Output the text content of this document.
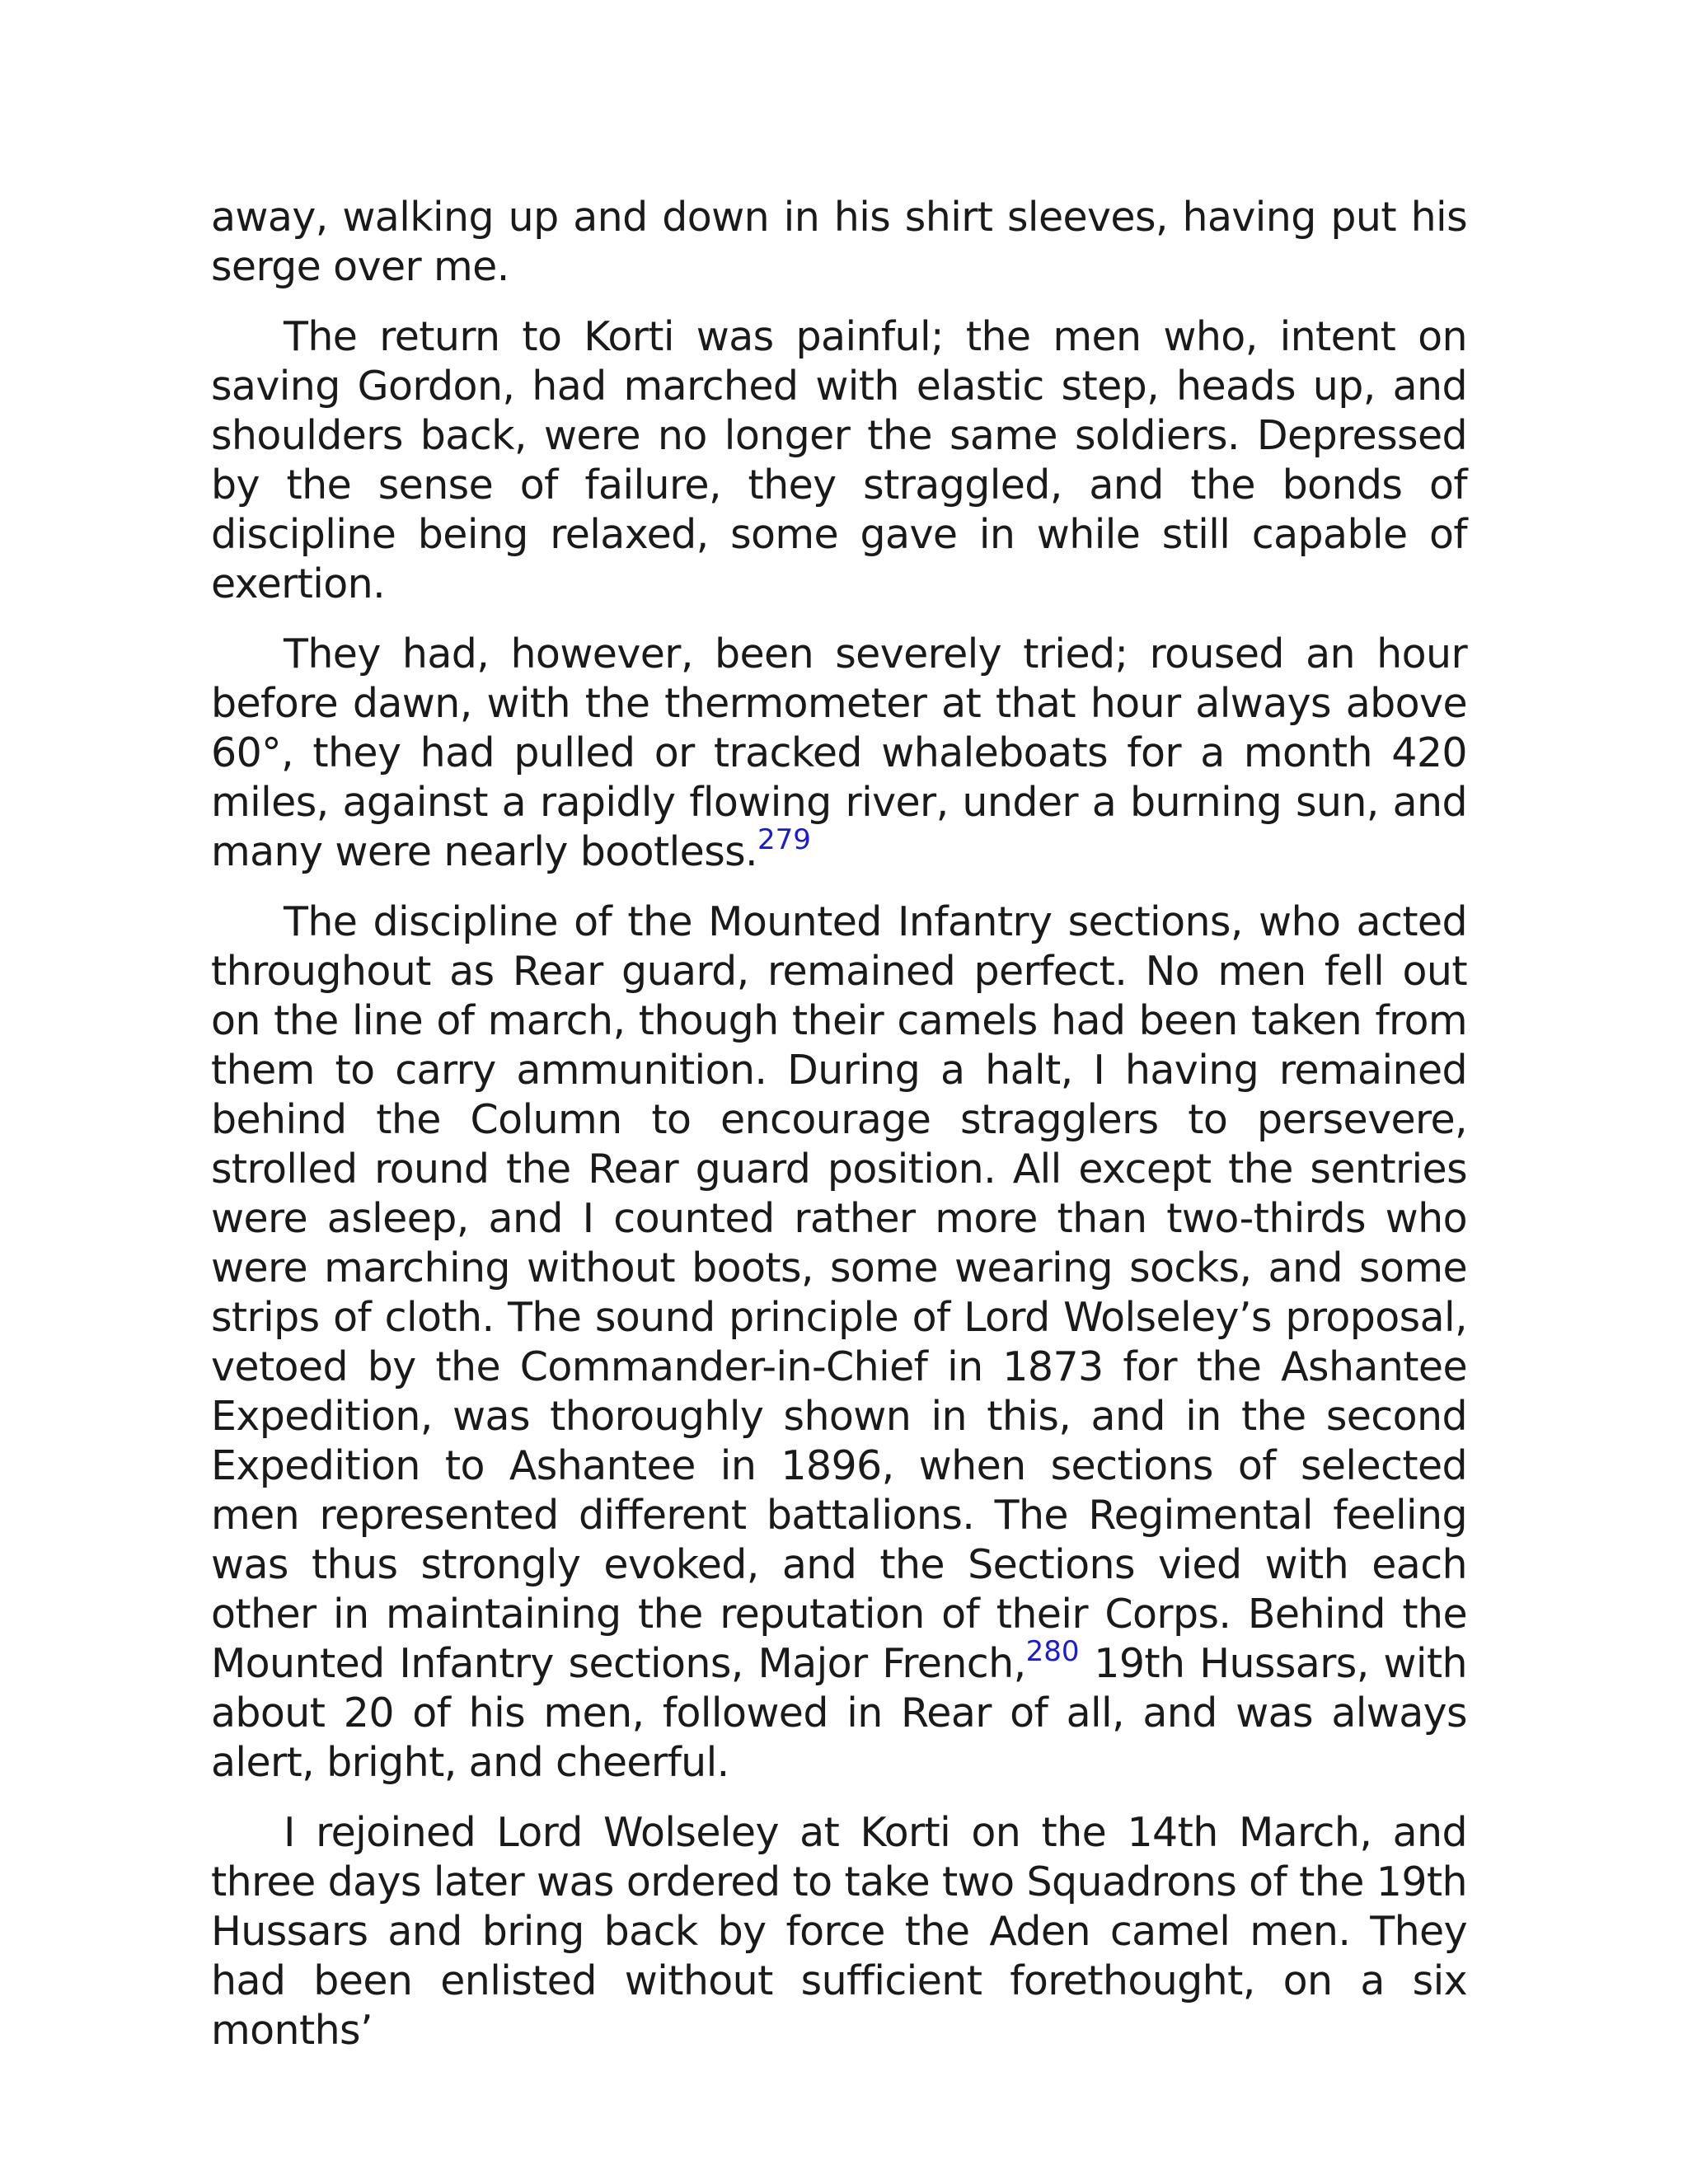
away, walking up and down in his shirt sleeves, having put his serge over me.

The return to Korti was painful; the men who, intent on saving Gordon, had marched with elastic step, heads up, and shoulders back, were no longer the same soldiers. Depressed by the sense of failure, they straggled, and the bonds of discipline being relaxed, some gave in while still capable of exertion.

They had, however, been severely tried; roused an hour before dawn, with the thermometer at that hour always above 60°, they had pulled or tracked whaleboats for a month 420 miles, against a rapidly flowing river, under a burning sun, and many were nearly bootless.$^{279}$

The discipline of the Mounted Infantry sections, who acted throughout as Rear guard, remained perfect. No men fell out on the line of march, though their camels had been taken from them to carry ammunition. During a halt, I having remained behind the Column to encourage stragglers to persevere, strolled round the Rear guard position. All except the sentries were asleep, and I counted rather more than two-thirds who were marching without boots, some wearing socks, and some strips of cloth. The sound principle of Lord Wolseley’s proposal, vetoed by the Commander-in-Chief in 1873 for the Ashantee Expedition, was thoroughly shown in this, and in the second Expedition to Ashantee in 1896, when sections of selected men represented different battalions. The Regimental feeling was thus strongly evoked, and the Sections vied with each other in maintaining the reputation of their Corps. Behind the Mounted Infantry sections, Major French,$^{280}$ 19th Hussars, with about 20 of his men, followed in Rear of all, and was always alert, bright, and cheerful.

I rejoined Lord Wolseley at Korti on the 14th March, and three days later was ordered to take two Squadrons of the 19th Hussars and bring back by force the Aden camel men. They had been enlisted without sufficient forethought, on a six months’
